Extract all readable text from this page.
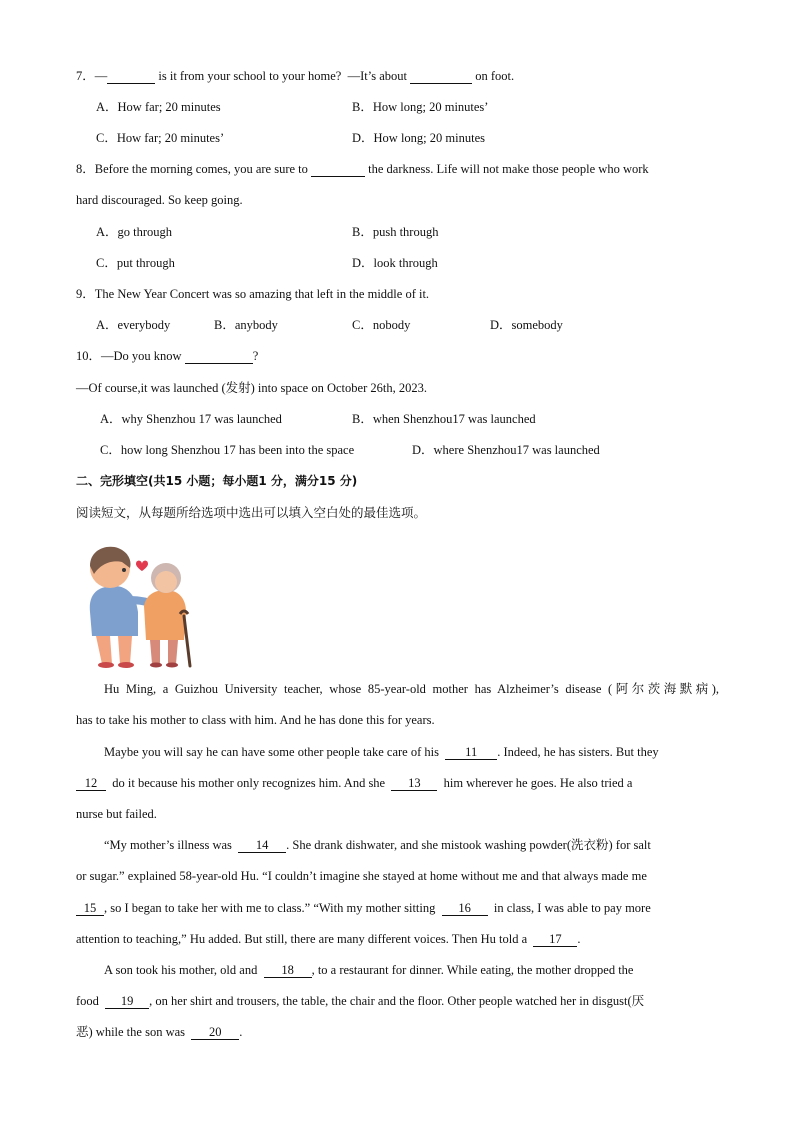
7．—	is it from your school to your home? —It’s about	on foot.
A．How far; 20 minutes	B．How long; 20 minutes’
C．How far; 20 minutes’	D．How long; 20 minutes
8．Before the morning comes, you are sure to	the darkness. Life will not make those people who work
hard discouraged. So keep going.
A．go through	B．push through
C．put through	D．look through
9．The New Year Concert was so amazing that left in the middle of it.
A．everybody	B．anybody	C．nobody	D．somebody
10．—Do you know	?
—Of course,it was launched (发射) into space on October 26th, 2023.
A．why Shenzhou 17 was launched	B．when Shenzhou17 was launched
C．how long Shenzhou 17 has been into the space	D．where Shenzhou17 was launched
二、完形填空(共15 小题；每小题1 分，满分15 分)
阅读短文，从每题所给选项中选出可以填入空白处的最佳选项。
Hu Ming, a Guizhou University teacher, whose 85-year-old mother has Alzheimer’s disease (阿尔茨海默病),
has to take his mother to class with him. And he has done this for years.
Maybe you will say he can have some other people take care of his 11 . Indeed, he has sisters. But they
12 do it because his mother only recognizes him. And she 13 him wherever he goes. He also tried a
nurse but failed.
“My mother’s illness was 14 . She drank dishwater, and she mistook washing powder(洗衣粉) for salt
or sugar.” explained 58-year-old Hu. “I couldn’t imagine she stayed at home without me and that always made me
15 , so I began to take her with me to class.” “With my mother sitting 16 in class, I was able to pay more
attention to teaching,” Hu added. But still, there are many different voices. Then Hu told a 17 .
A son took his mother, old and 18 , to a restaurant for dinner. While eating, the mother dropped the
food 19 , on her shirt and trousers, the table, the chair and the floor. Other people watched her in disgust(厌
恶) while the son was 20 .
